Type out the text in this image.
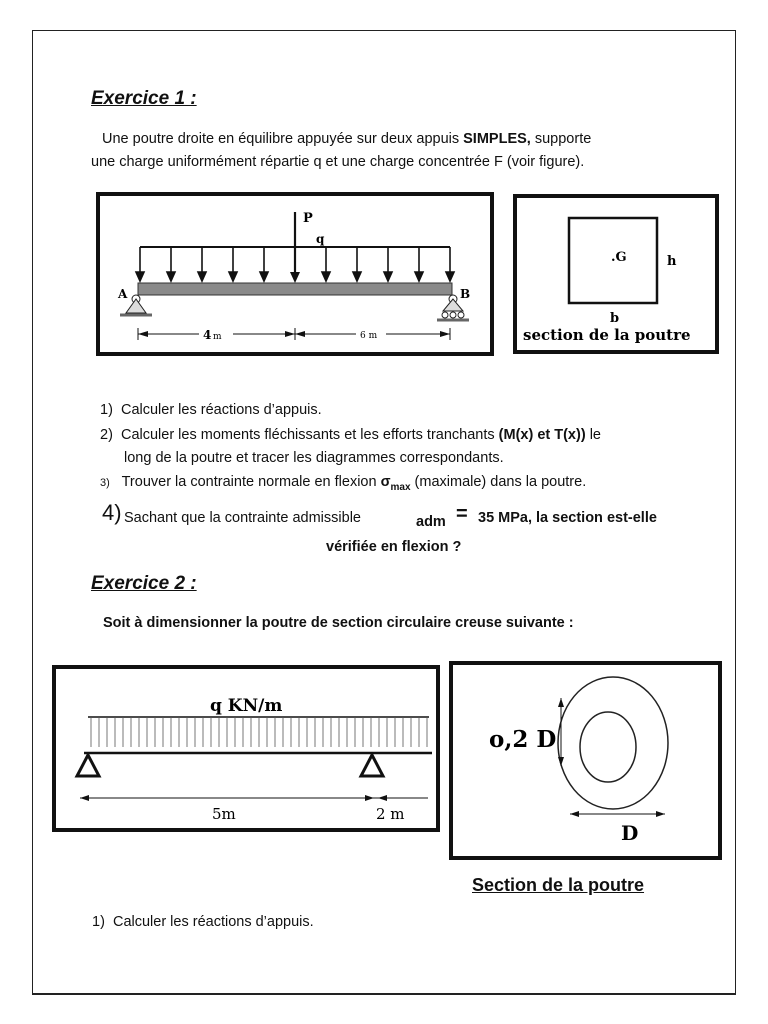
Exercice 1 :
Une poutre droite en équilibre appuyée sur deux appuis SIMPLES, supporte
une charge uniformément répartie q et une charge concentrée F (voir figure).
P
q
A	B
4 m	6 m
.G	h
b
section de la poutre
1) Calculer les réactions d’appuis.
2) Calculer les moments fléchissants et les efforts tranchants (M(x) et T(x)) le
long de la poutre et tracer les diagrammes correspondants.
3) Trouver la contrainte normale en flexion $\sigma_{max}$ (maximale) dans la poutre.
4) Sachant que la contrainte admissible	adm = 35 MPa, la section est-elle
vérifiée en flexion ?
Exercice 2 :
Soit à dimensionner la poutre de section circulaire creuse suivante :
q KN/m
5m	2 m
o,2 D
D
Section de la poutre
1) Calculer les réactions d’appuis.
